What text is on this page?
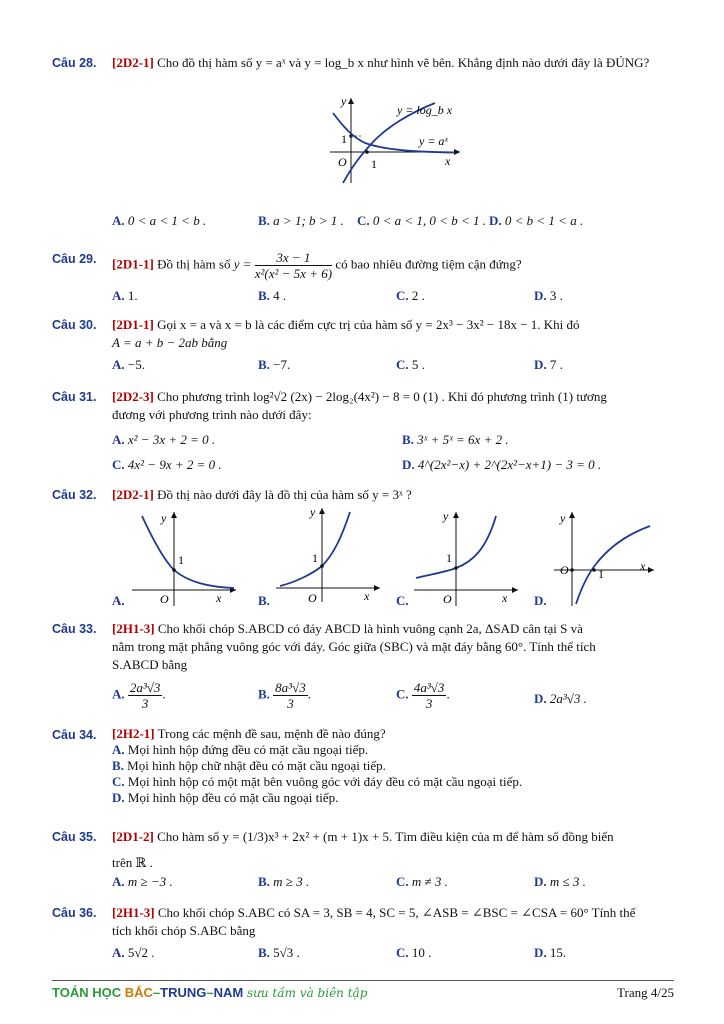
Câu 28. [2D2-1] Cho đồ thị hàm số y = aˣ và y = log_b x như hình vẽ bên. Khẳng định nào dưới đây là ĐÚNG?
y
x
O
1
1
y = log_b x
y = aˣ
A. 0 < a < 1 < b .	B. a > 1; b > 1 . C. 0 < a < 1, 0 < b < 1 . D. 0 < b < 1 < a .
Câu 29. [2D1-1] Đồ thị hàm số $y = \frac{3x - 1}{\text{x²(x² − 5x + 6)}}$ có bao nhiêu đường tiệm cận đứng?
A. 1.	B. 4 .	C. 2 .	D. 3 .
Câu 30. [2D1-1] Gọi x = a và x = b là các điểm cực trị của hàm số y = 2x³ − 3x² − 18x − 1. Khi đó
A = a + b − 2ab bằng
A. −5.	B. −7.	C. 5 .	D. 7 .
Câu 31. [2D2-3] Cho phương trình log²√2 (2x) − 2log₂(4x²) − 8 = 0 (1) . Khi đó phương trình (1) tương
đương với phương trình nào dưới đây:
A. x² − 3x + 2 = 0 .	B. 3ˣ + 5ˣ = 6x + 2 .
C. 4x² − 9x + 2 = 0 .	D. 4^(2x²−x) + 2^(2x²−x+1) − 3 = 0 .
Câu 32. [2D2-1] Đồ thị nào dưới đây là đồ thị của hàm số y = 3ˣ ?
y
x
O
1
y
x
O
1
y
x
O
1
y
x
O 1
A.	B.	C.	D.
Câu 33. [2H1-3] Cho khối chóp S.ABCD có đáy ABCD là hình vuông cạnh 2a, ΔSAD cân tại S và
nằm trong mặt phẳng vuông góc với đáy. Góc giữa (SBC) và mặt đáy bằng 60°. Tính thể tích
S.ABCD bằng
A. $\frac{\text{2a³√3}}{3}$ .	B. $\frac{\text{8a³√3}}{3}$ .	C. $\frac{\text{4a³√3}}{3}$ .	D. 2a³√3 .
Câu 34. [2H2-1] Trong các mệnh đề sau, mệnh đề nào đúng?
A. Mọi hình hộp đứng đều có mặt cầu ngoại tiếp.
B. Mọi hình hộp chữ nhật đều có mặt cầu ngoại tiếp.
C. Mọi hình hộp có một mặt bên vuông góc với đáy đều có mặt cầu ngoại tiếp.
D. Mọi hình hộp đều có mặt cầu ngoại tiếp.
Câu 35. [2D1-2] Cho hàm số y = (1/3)x³ + 2x² + (m + 1)x + 5. Tìm điều kiện của m để hàm số đồng biến
trên ℝ .
A. m ≥ −3 .	B. m ≥ 3 .	C. m ≠ 3 .	D. m ≤ 3 .
Câu 36. [2H1-3] Cho khối chóp S.ABC có SA = 3, SB = 4, SC = 5, ∠ASB = ∠BSC = ∠CSA = 60° Tính thể
tích khối chóp S.ABC bằng
A. 5√2 .	B. 5√3 .	C. 10 .	D. 15.
TOÁN HỌC BẮC–TRUNG–NAM sưu tầm và biên tập	Trang 4/25
